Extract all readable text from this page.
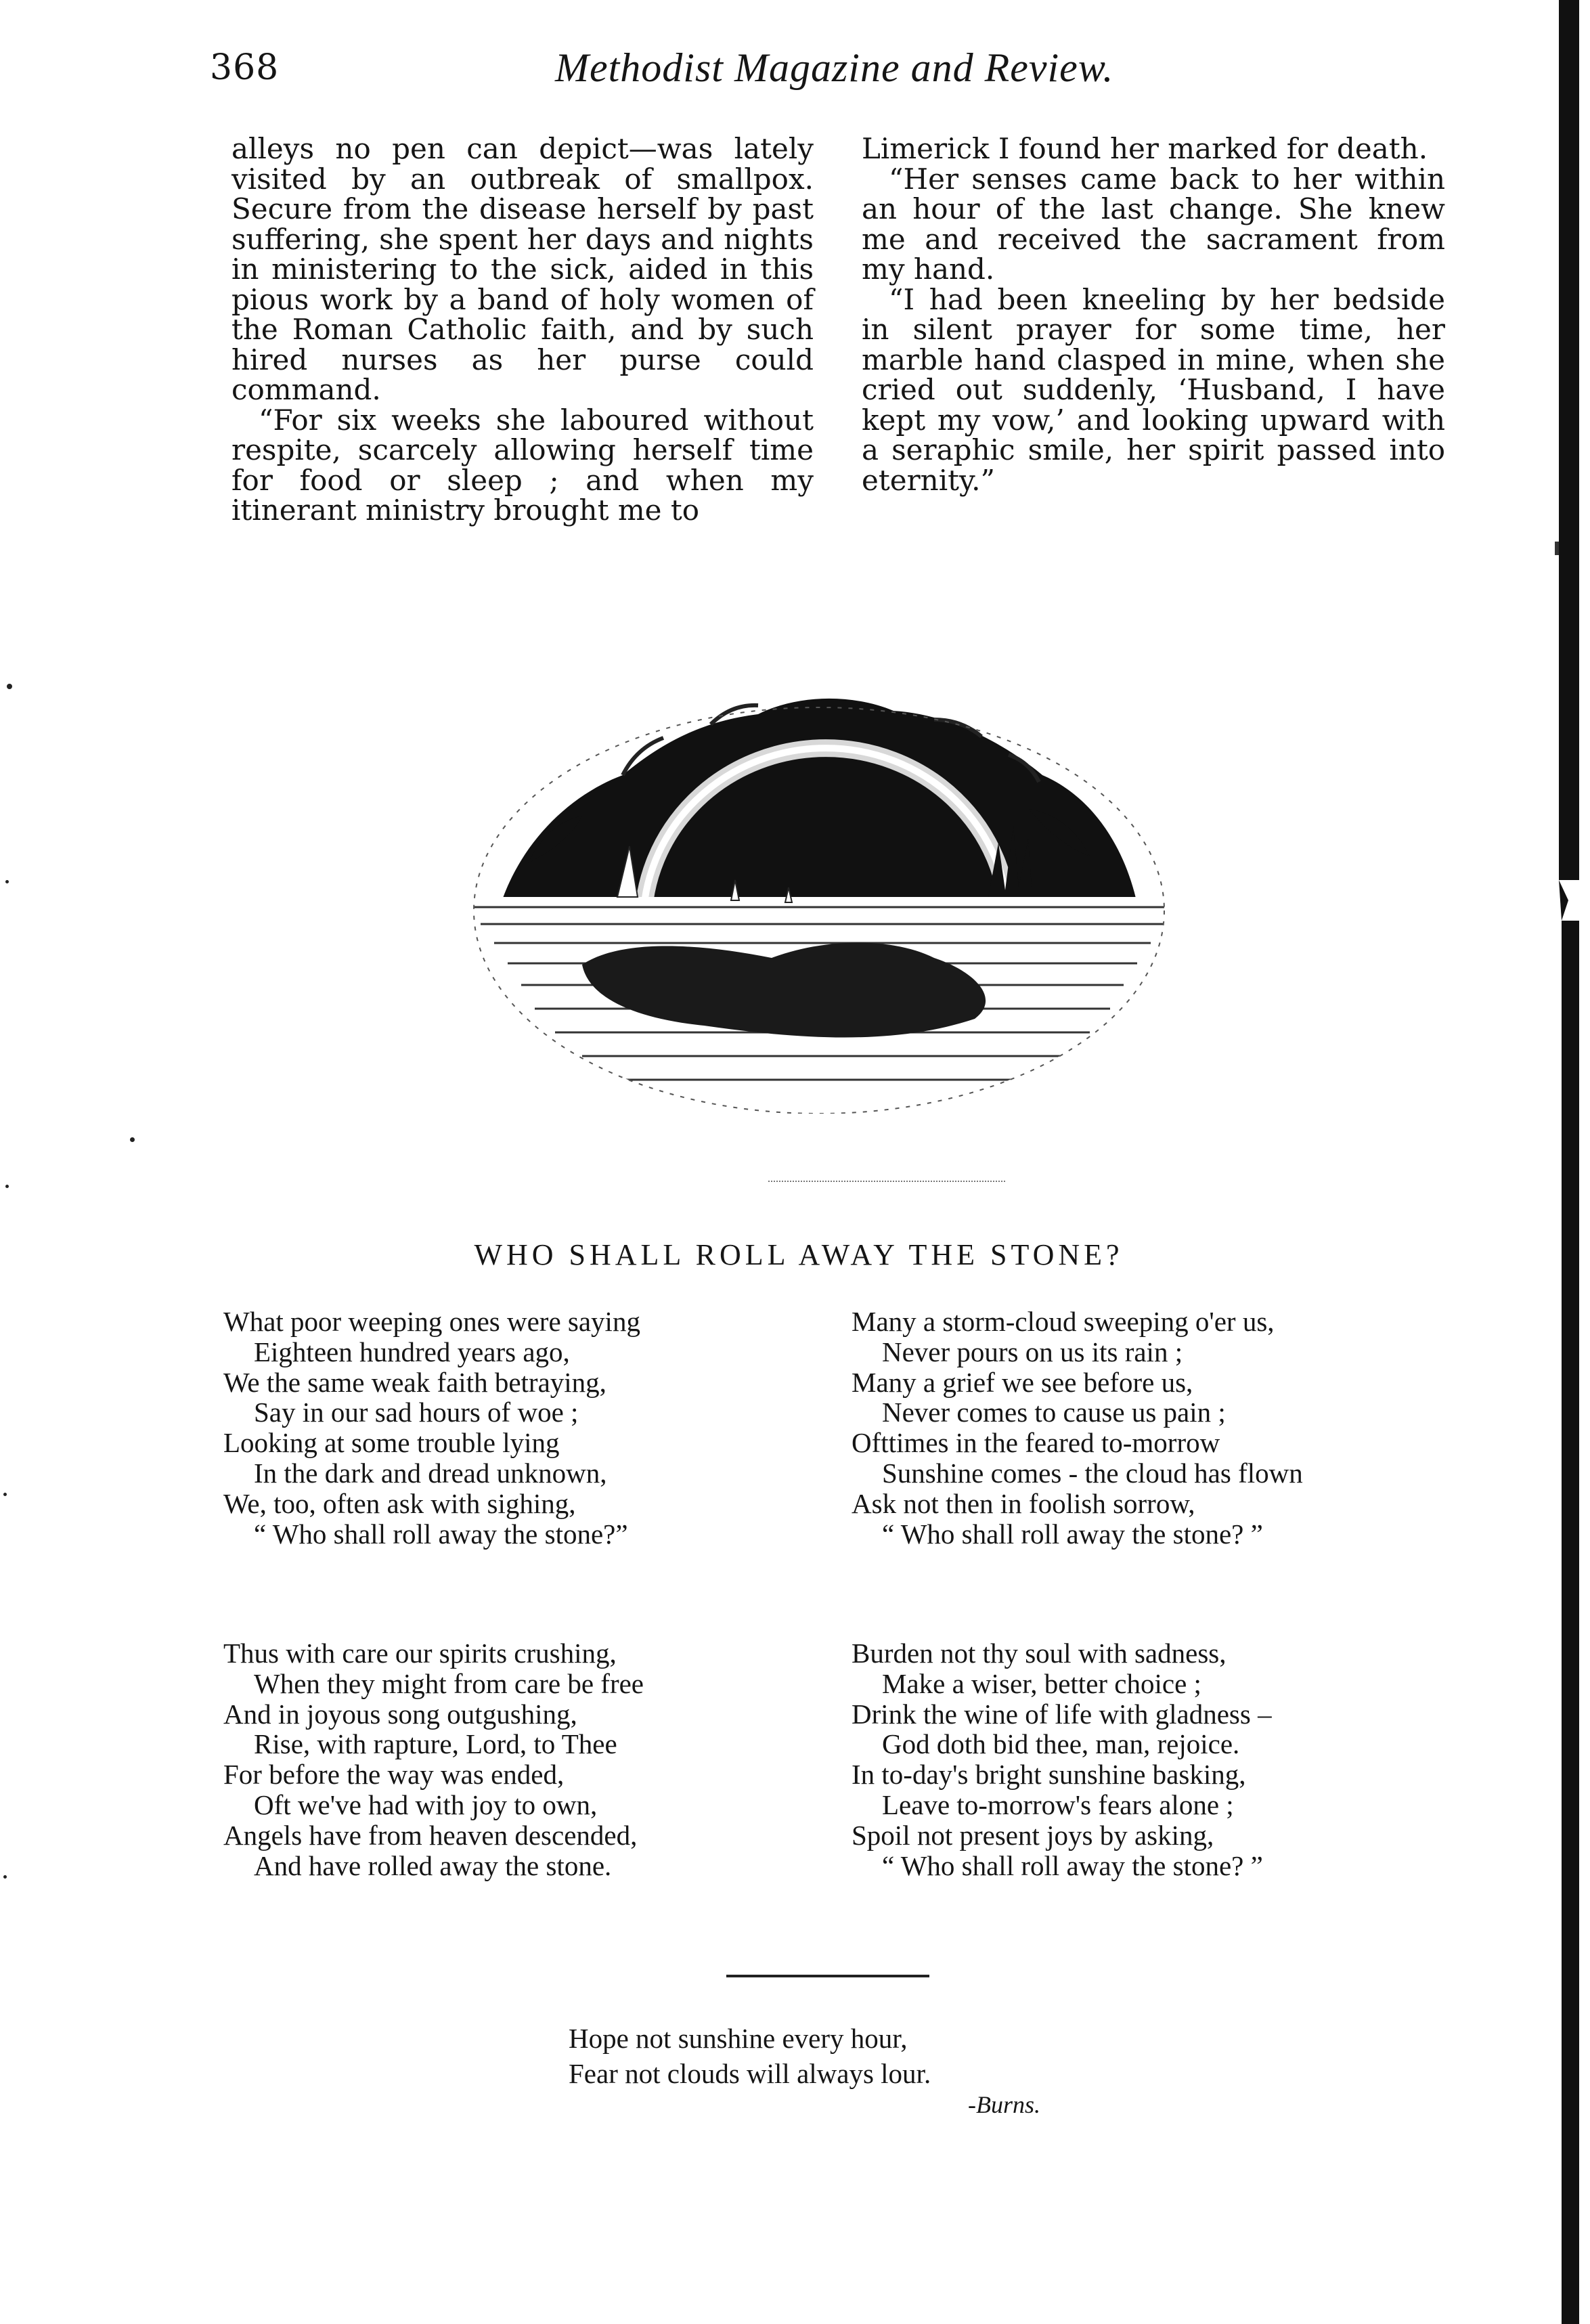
368	Methodist Magazine and Review.

alleys no pen can depict—was lately visited by an outbreak of smallpox. Secure from the disease herself by past suffering, she spent her days and nights in ministering to the sick, aided in this pious work by a band of holy women of the Roman Catholic faith, and by such hired nurses as her purse could command.

“For six weeks she laboured without respite, scarcely allowing herself time for food or sleep ; and when my itinerant ministry brought me to

Limerick I found her marked for death.

“Her senses came back to her within an hour of the last change. She knew me and received the sacrament from my hand.

“I had been kneeling by her bedside in silent prayer for some time, her marble hand clasped in mine, when she cried out suddenly, ‘Husband, I have kept my vow,’ and looking upward with a seraphic smile, her spirit passed into eternity.”

WHO SHALL ROLL AWAY THE STONE?
What poor weeping ones were saying
Eighteen hundred years ago,
We the same weak faith betraying,
Say in our sad hours of woe ;
Looking at some trouble lying
In the dark and dread unknown,
We, too, often ask with sighing,
“ Who shall roll away the stone?”
Thus with care our spirits crushing,
When they might from care be free
And in joyous song outgushing,
Rise, with rapture, Lord, to Thee
For before the way was ended,
Oft we've had with joy to own,
Angels have from heaven descended,
And have rolled away the stone.
Many a storm-cloud sweeping o'er us,
Never pours on us its rain ;
Many a grief we see before us,
Never comes to cause us pain ;
Ofttimes in the feared to-morrow
Sunshine comes - the cloud has flown
Ask not then in foolish sorrow,
“ Who shall roll away the stone? ”
Burden not thy soul with sadness,
Make a wiser, better choice ;
Drink the wine of life with gladness –
God doth bid thee, man, rejoice.
In to-day's bright sunshine basking,
Leave to-morrow's fears alone ;
Spoil not present joys by asking,
“ Who shall roll away the stone? ”
Hope not sunshine every hour,
Fear not clouds will always lour.
-Burns.
